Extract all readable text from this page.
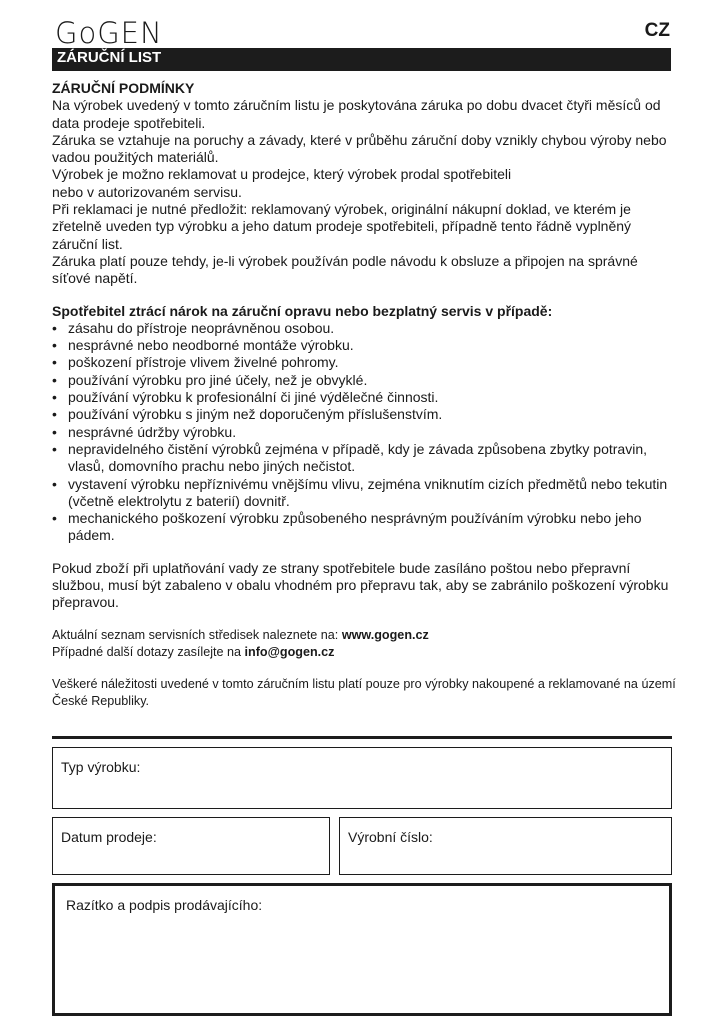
GoGEN	CZ
ZÁRUČNÍ LIST

ZÁRUČNÍ PODMÍNKY

Na výrobek uvedený v tomto záručním listu je poskytována záruka po dobu dvacet čtyři měsíců od data prodeje spotřebiteli.

Záruka se vztahuje na poruchy a závady, které v průběhu záruční doby vznikly chybou výroby nebo vadou použitých materiálů.

Výrobek je možno reklamovat u prodejce, který výrobek prodal spotřebiteli

nebo v autorizovaném servisu.

Při reklamaci je nutné předložit: reklamovaný výrobek, originální nákupní doklad, ve kterém je zřetelně uveden typ výrobku a jeho datum prodeje spotřebiteli, případně tento řádně vyplněný záruční list.

Záruka platí pouze tehdy, je-li výrobek používán podle návodu k obsluze a připojen na správné síťové napětí.

Spotřebitel ztrácí nárok na záruční opravu nebo bezplatný servis v případě:

• zásahu do přístroje neoprávněnou osobou.
• nesprávné nebo neodborné montáže výrobku.
• poškození přístroje vlivem živelné pohromy.
• používání výrobku pro jiné účely, než je obvyklé.
• používání výrobku k profesionální či jiné výdělečné činnosti.
• používání výrobku s jiným než doporučeným příslušenstvím.
• nesprávné údržby výrobku.
• nepravidelného čistění výrobků zejména v případě, kdy je závada způsobena zbytky potravin, vlasů, domovního prachu nebo jiných nečistot.
• vystavení výrobku nepříznivému vnějšímu vlivu, zejména vniknutím cizích předmětů nebo tekutin (včetně elektrolytu z baterií) dovnitř.
• mechanického poškození výrobku způsobeného nesprávným používáním výrobku nebo jeho pádem.

Pokud zboží při uplatňování vady ze strany spotřebitele bude zasíláno poštou nebo přepravní službou, musí být zabaleno v obalu vhodném pro přepravu tak, aby se zabránilo poškození výrobku přepravou.

Aktuální seznam servisních středisek naleznete na: www.gogen.cz

Případné další dotazy zasílejte na info@gogen.cz

Veškeré náležitosti uvedené v tomto záručním listu platí pouze pro výrobky nakoupené a reklamované na území České Republiky.

Typ výrobku:
Datum prodeje:	Výrobní číslo:
Razítko a podpis prodávajícího:
